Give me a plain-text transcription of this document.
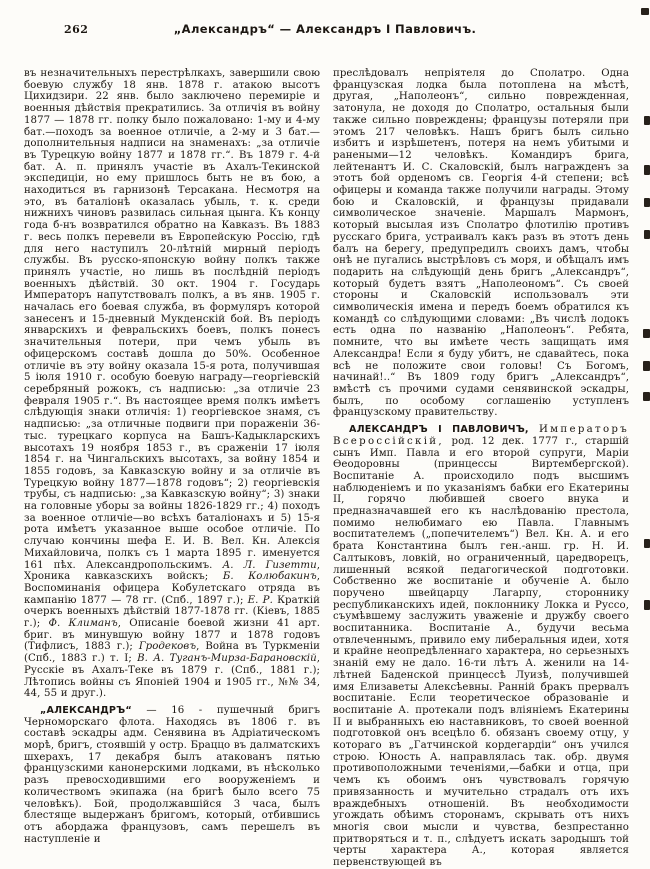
262	„Александръ“ — Александръ I Павловичъ.

въ незначительныхъ перестрѣлкахъ, завершили свою боевую службу 18 янв. 1878 г. атакою высотъ Цихидзири. 22 янв. было заключено перемиріе и военныя дѣйствія прекратились. За отличія въ войну 1877 — 1878 гг. полку было пожаловано: 1-му и 4-му бат.—походъ за военное отличіе, а 2-му и 3 бат.—дополнительныя надписи на знаменахъ: „за отличіе въ Турецкую войну 1877 и 1878 гг.“. Въ 1879 г. 4-й бат. А. п. принялъ участіе въ Ахалъ-Текинской экспедиціи, но ему пришлось быть не въ бою, а находиться въ гарнизонѣ Терсакана. Несмотря на это, въ баталіонѣ оказалась убыль, т. к. среди нижнихъ чиновъ развилась сильная цынга. Къ концу года б-нъ возвратился обратно на Кавказъ. Въ 1883 г. весь полкъ перевели въ Европейскую Россію, гдѣ для него наступилъ 20-лѣтній мирный періодъ службы. Въ русско-японскую войну полкъ также принялъ участіе, но лишь въ послѣдній періодъ военныхъ дѣйствій. 30 окт. 1904 г. Государь Императоръ напутствовалъ полкъ, а въ янв. 1905 г. началась его боевая служба, въ формуляръ которой занесенъ и 15-дневный Мукденскій бой. Въ періодъ январскихъ и февральскихъ боевъ, полкъ понесъ значительныя потери, при чемъ убыль въ офицерскомъ составѣ дошла до 50%. Особенное отличіе въ эту войну оказала 15-я рота, получившая 5 іюля 1910 г. особую боевую награду—георгіевскій серебряный рожокъ, съ надписью: „за отличіе 23 февраля 1905 г.“. Въ настоящее время полкъ имѣетъ слѣдующія знаки отличія: 1) георгіевское знамя, съ надписью: „за отличные подвиги при пораженіи 36-тыс. турецкаго корпуса на Башъ-Кадыкларскихъ высотахъ 19 ноября 1853 г., въ сраженіи 17 іюля 1854 г. на Чингальскихъ высотахъ, за войну 1854 и 1855 годовъ, за Кавказскую войну и за отличіе въ Турецкую войну 1877—1878 годовъ“; 2) георгіевскія трубы, съ надписью: „за Кавказскую войну“; 3) знаки на головные уборы за войны 1826-1829 гг.; 4) походъ за военное отличіе—во всѣхъ баталіонахъ и 5) 15-я рота имѣетъ указанное выше особое отличіе. По случаю кончины шефа Е. И. В. Вел. Кн. Алексія Михайловича, полкъ съ 1 марта 1895 г. именуется 161 пѣх. Александропольскимъ. А. Л. Гизетти, Хроника кавказскихъ войскъ; Б. Колюбакинъ, Воспоминанія офицера Кобулетскаго отряда въ кампанію 1877 — 78 гг. (Спб., 1897 г.); Е. Р. Краткій очеркъ военныхъ дѣйствій 1877-1878 гг. (Кіевъ, 1885 г.); Ф. Климанъ, Описаніе боевой жизни 41 арт. бриг. въ минувшую войну 1877 и 1878 годовъ (Тифлисъ, 1883 г.); Гродековъ, Война въ Туркменіи (Спб., 1883 г.) т. I; В. А. Туганъ-Мирза-Барановскій, Русскіе въ Ахалъ-Теке въ 1879 г. (Спб., 1881 г.); Лѣтопись войны съ Японіей 1904 и 1905 гг., №№ 34, 44, 55 и друг.).

„АЛЕКСАНДРЪ“ — 16 - пушечный бригъ Черноморскаго флота. Находясь въ 1806 г. въ составѣ эскадры адм. Сенявина въ Адріатическомъ морѣ, бригъ, стоявшій у остр. Браццо въ далматскихъ шхерахъ, 17 декабря былъ атакованъ пятью французскими канонерскими лодками, въ нѣсколько разъ превосходившими его вооруженіемъ и количествомъ экипажа (на бригѣ было всего 75 человѣкъ). Бой, продолжавшійся 3 часа, былъ блестяще выдержанъ бригомъ, который, отбившись отъ абордажа французовъ, самъ перешелъ въ наступленіе и

преслѣдовалъ непріятеля до Сполатро. Одна французская лодка была потоплена на мѣстѣ, другая, „Наполеонъ“, сильно поврежденная, затонула, не доходя до Сполатро, остальныя были также сильно повреждены; французы потеряли при этомъ 217 человѣкъ. Нашъ бригъ былъ сильно избитъ и изрѣшетенъ, потеря на немъ убитыми и ранеными—12 человѣкъ. Командиръ брига, лейтенантъ И. С. Скаловскій, былъ награжденъ за этотъ бой орденомъ св. Георгія 4-й степени; всѣ офицеры и команда также получили награды. Этому бою и Скаловскій, и французы придавали символическое значеніе. Маршалъ Мармонъ, который высылая изъ Сполатро флотилію противъ русскаго брига, устраивалъ какъ разъ въ этотъ день балъ на берегу, предупредилъ своихъ дамъ, чтобы онѣ не пугались выстрѣловъ съ моря, и обѣщалъ имъ подарить на слѣдующій день бригъ „Александръ“, который будетъ взятъ „Наполеономъ“. Съ своей стороны и Скаловскій использовалъ эти символическія имена и передъ боемъ обратился къ командѣ со слѣдующими словами: „Въ числѣ лодокъ есть одна по названію „Наполеонъ“. Ребята, помните, что вы имѣете честь защищать имя Александра! Если я буду убитъ, не сдавайтесь, пока всѣ не положите свои головы! Съ Богомъ, начинай!..“ Въ 1809 году бригъ „Александръ“, вмѣстѣ съ прочими судами сенявинской эскадры, былъ, по особому соглашенію уступленъ французскому правительству.

АЛЕКСАНДРЪ I ПАВЛОВИЧЪ, Императоръ Всероссійскій, род. 12 дек. 1777 г., старшій сынъ Имп. Павла и его второй супруги, Маріи Ѳеодоровны (принцессы Виртембергской). Воспитаніе А. происходило подъ высшимъ наблюденіемъ и по указаніямъ бабки его Екатерины II, горячо любившей своего внука и предназначавшей его къ наслѣдованію престола, помимо нелюбимаго ею Павла. Главнымъ воспитателемъ („попечителемъ“) Вел. Кн. А. и его брата Константина былъ ген.-анш. гр. Н. И. Салтыковъ, ловкій, но ограниченный, царедворецъ, лишенный всякой педагогической подготовки. Собственно же воспитаніе и обученіе А. было поручено швейцарцу Лагарпу, стороннику республиканскихъ идей, поклоннику Локка и Руссо, съумѣвшему заслужить уваженіе и дружбу своего воспитанника. Воспитаніе А., будучи весьма отвлеченнымъ, привило ему либеральныя идеи, хотя и крайне неопредѣленнаго характера, но серьезныхъ знаній ему не дало. 16-ти лѣтъ А. женили на 14-лѣтней Баденской принцессѣ Луизѣ, получившей имя Елизаветы Алексѣевны. Ранній бракъ прервалъ воспитаніе. Если теоретическое образованіе и воспитаніе А. протекали подъ вліяніемъ Екатерины II и выбранныхъ ею наставниковъ, то своей военной подготовкой онъ всецѣло б. обязанъ своему отцу, у котораго въ „Гатчинской кордегардіи“ онъ учился строю. Юность А. направлялась так. обр. двумя противоположными теченіями,—бабки и отца, при чемъ къ обоимъ онъ чувствовалъ горячую привязанность и мучительно страдалъ отъ ихъ враждебныхъ отношеній. Въ необходимости угождать обѣимъ сторонамъ, скрывать отъ нихъ многія свои мысли и чувства, безпрестанно притворяться и т. п., слѣдуетъ искать зародышъ той черты характера А., которая является первенствующей въ
